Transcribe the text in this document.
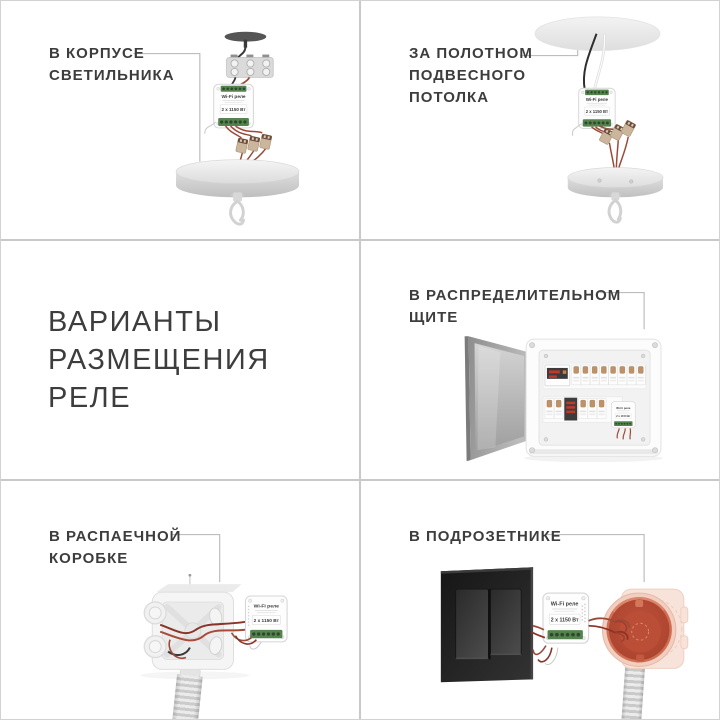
В КОРПУСЕ
СВЕТИЛЬНИКА
Wi-Fi реле
2 x 1150 Вт
ЗА ПОЛОТНОМ
ПОДВЕСНОГО
ПОТОЛКА	Wi-Fi реле
2 x 1150 Вт
ВАРИАНТЫ
РАЗМЕЩЕНИЯ
РЕЛЕ
В РАСПРЕДЕЛИТЕЛЬНОМ
ЩИТЕ
Wi-Fi реле
2 x 1150 Вт
В РАСПАЕЧНОЙ
КОРОБКЕ
Wi-Fi реле
2 x 1150 Вт
В ПОДРОЗЕТНИКЕ
Wi-Fi реле
2 x 1150 Вт
